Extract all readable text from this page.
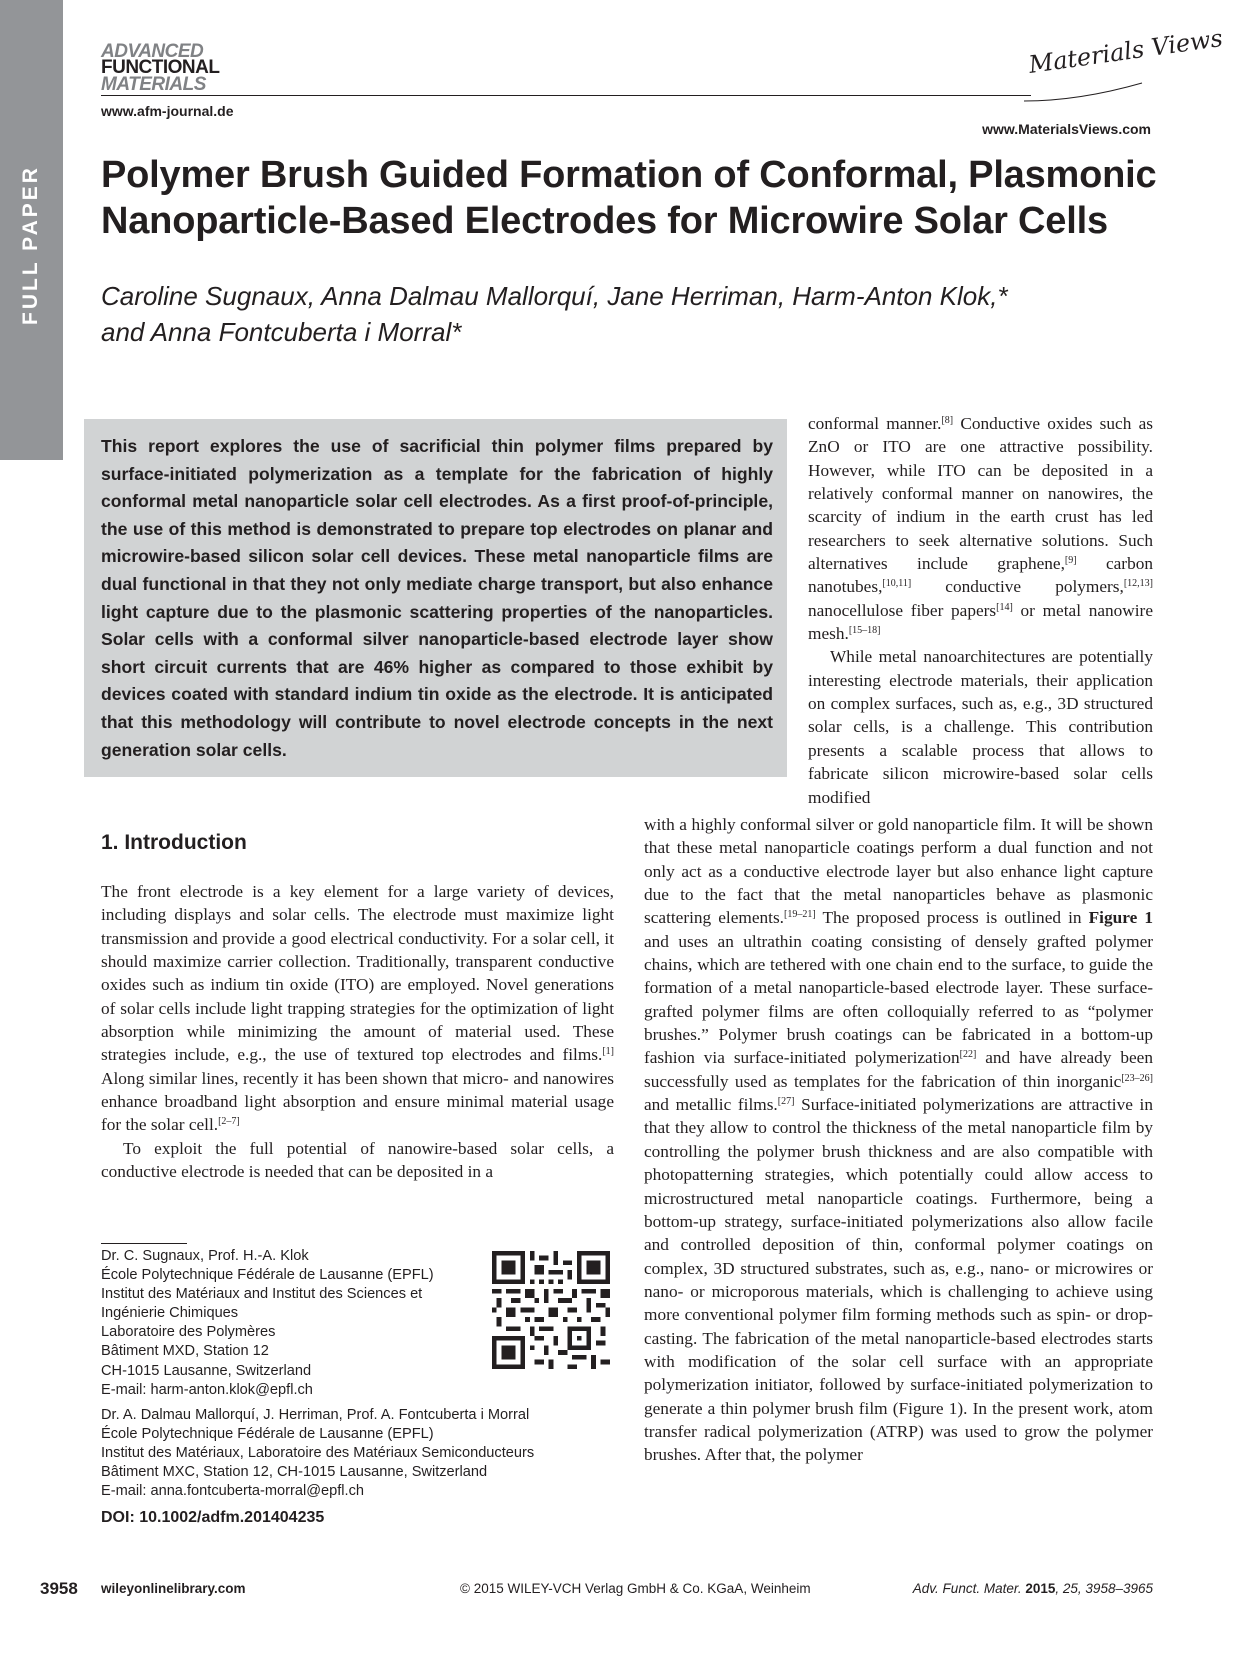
FULL PAPER
ADVANCED
FUNCTIONAL
MATERIALS
www.afm-journal.de
Materials Views
www.MaterialsViews.com
Polymer Brush Guided Formation of Conformal, Plasmonic
Nanoparticle-Based Electrodes for Microwire Solar Cells
Caroline Sugnaux, Anna Dalmau Mallorquí, Jane Herriman, Harm-Anton Klok,*
and Anna Fontcuberta i Morral*

This report explores the use of sacrificial thin polymer films prepared by surface-initiated polymerization as a template for the fabrication of highly conformal metal nanoparticle solar cell electrodes. As a first proof-of-principle, the use of this method is demonstrated to prepare top electrodes on planar and microwire-based silicon solar cell devices. These metal nanoparticle films are dual functional in that they not only mediate charge transport, but also enhance light capture due to the plasmonic scattering properties of the nanoparticles. Solar cells with a conformal silver nanoparticle-based electrode layer show short circuit currents that are 46% higher as compared to those exhibit by devices coated with standard indium tin oxide as the electrode. It is anticipated that this methodology will contribute to novel electrode concepts in the next generation solar cells.

conformal manner.[8] Conductive oxides such as ZnO or ITO are one attractive possibility. However, while ITO can be deposited in a relatively conformal manner on nanowires, the scarcity of indium in the earth crust has led researchers to seek alternative solutions. Such alternatives include graphene,[9] carbon nanotubes,[10,11] conductive polymers,[12,13] nanocellulose fiber papers[14] or metal nanowire mesh.[15–18]

While metal nanoarchitectures are potentially interesting electrode materials, their application on complex surfaces, such as, e.g., 3D structured solar cells, is a challenge. This contribution presents a scalable process that allows to fabricate silicon microwire-based solar cells modified

1. Introduction

The front electrode is a key element for a large variety of devices, including displays and solar cells. The electrode must maximize light transmission and provide a good electrical conductivity. For a solar cell, it should maximize carrier collection. Traditionally, transparent conductive oxides such as indium tin oxide (ITO) are employed. Novel generations of solar cells include light trapping strategies for the optimization of light absorption while minimizing the amount of material used. These strategies include, e.g., the use of textured top electrodes and films.[1] Along similar lines, recently it has been shown that micro- and nanowires enhance broadband light absorption and ensure minimal material usage for the solar cell.[2–7]

To exploit the full potential of nanowire-based solar cells, a conductive electrode is needed that can be deposited in a

with a highly conformal silver or gold nanoparticle film. It will be shown that these metal nanoparticle coatings perform a dual function and not only act as a conductive electrode layer but also enhance light capture due to the fact that the metal nanoparticles behave as plasmonic scattering elements.[19–21] The proposed process is outlined in Figure 1 and uses an ultrathin coating consisting of densely grafted polymer chains, which are tethered with one chain end to the surface, to guide the formation of a metal nanoparticle-based electrode layer. These surface-grafted polymer films are often colloquially referred to as “polymer brushes.” Polymer brush coatings can be fabricated in a bottom-up fashion via surface-initiated polymerization[22] and have already been successfully used as templates for the fabrication of thin inorganic[23–26] and metallic films.[27] Surface-initiated polymerizations are attractive in that they allow to control the thickness of the metal nanoparticle film by controlling the polymer brush thickness and are also compatible with photopatterning strategies, which potentially could allow access to microstructured metal nanoparticle coatings. Furthermore, being a bottom-up strategy, surface-initiated polymerizations also allow facile and controlled deposition of thin, conformal polymer coatings on complex, 3D structured substrates, such as, e.g., nano- or microwires or nano- or microporous materials, which is challenging to achieve using more conventional polymer film forming methods such as spin- or drop-casting. The fabrication of the metal nanoparticle-based electrodes starts with modification of the solar cell surface with an appropriate polymerization initiator, followed by surface-initiated polymerization to generate a thin polymer brush film (Figure 1). In the present work, atom transfer radical polymerization (ATRP) was used to grow the polymer brushes. After that, the polymer

Dr. C. Sugnaux, Prof. H.-A. Klok
École Polytechnique Fédérale de Lausanne (EPFL)
Institut des Matériaux and Institut des Sciences et
Ingénierie Chimiques
Laboratoire des Polymères
Bâtiment MXD, Station 12
CH-1015 Lausanne, Switzerland
E-mail: harm-anton.klok@epfl.ch
Dr. A. Dalmau Mallorquí, J. Herriman, Prof. A. Fontcuberta i Morral
École Polytechnique Fédérale de Lausanne (EPFL)
Institut des Matériaux, Laboratoire des Matériaux Semiconducteurs
Bâtiment MXC, Station 12, CH-1015 Lausanne, Switzerland
E-mail: anna.fontcuberta-morral@epfl.ch
DOI: 10.1002/adfm.201404235
3958 wileyonlinelibrary.com	© 2015 WILEY-VCH Verlag GmbH & Co. KGaA, Weinheim	Adv. Funct. Mater. 2015, 25, 3958–3965
